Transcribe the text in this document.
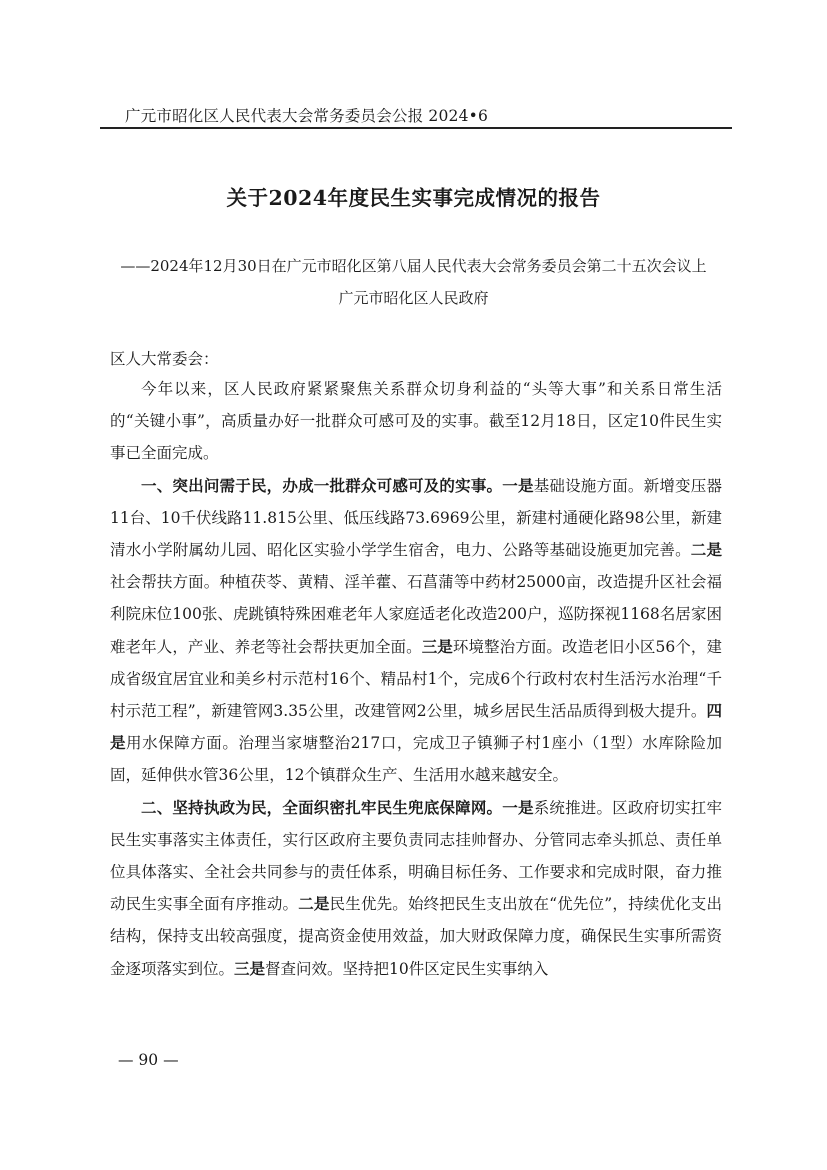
广元市昭化区人民代表大会常务委员会公报 2024•6
关于2024年度民生实事完成情况的报告
——2024年12月30日在广元市昭化区第八届人民代表大会常务委员会第二十五次会议上
广元市昭化区人民政府
区人大常委会：

今年以来，区人民政府紧紧聚焦关系群众切身利益的“头等大事”和关系日常生活的“关键小事”，高质量办好一批群众可感可及的实事。截至12月18日，区定10件民生实事已全面完成。

一、突出问需于民，办成一批群众可感可及的实事。一是基础设施方面。新增变压器11台、10千伏线路11.815公里、低压线路73.6969公里，新建村通硬化路98公里，新建清水小学附属幼儿园、昭化区实验小学学生宿舍，电力、公路等基础设施更加完善。二是社会帮扶方面。种植茯苓、黄精、淫羊藿、石菖蒲等中药材25000亩，改造提升区社会福利院床位100张、虎跳镇特殊困难老年人家庭适老化改造200户，巡防探视1168名居家困难老年人，产业、养老等社会帮扶更加全面。三是环境整治方面。改造老旧小区56个，建成省级宜居宜业和美乡村示范村16个、精品村1个，完成6个行政村农村生活污水治理“千村示范工程”，新建管网3.35公里，改建管网2公里，城乡居民生活品质得到极大提升。四是用水保障方面。治理当家塘整治217口，完成卫子镇狮子村1座小（1型）水库除险加固，延伸供水管36公里，12个镇群众生产、生活用水越来越安全。

二、坚持执政为民，全面织密扎牢民生兜底保障网。一是系统推进。区政府切实扛牢民生实事落实主体责任，实行区政府主要负责同志挂帅督办、分管同志牵头抓总、责任单位具体落实、全社会共同参与的责任体系，明确目标任务、工作要求和完成时限，奋力推动民生实事全面有序推动。二是民生优先。始终把民生支出放在“优先位”，持续优化支出结构，保持支出较高强度，提高资金使用效益，加大财政保障力度，确保民生实事所需资金逐项落实到位。三是督查问效。坚持把10件区定民生实事纳入

— 90 —
